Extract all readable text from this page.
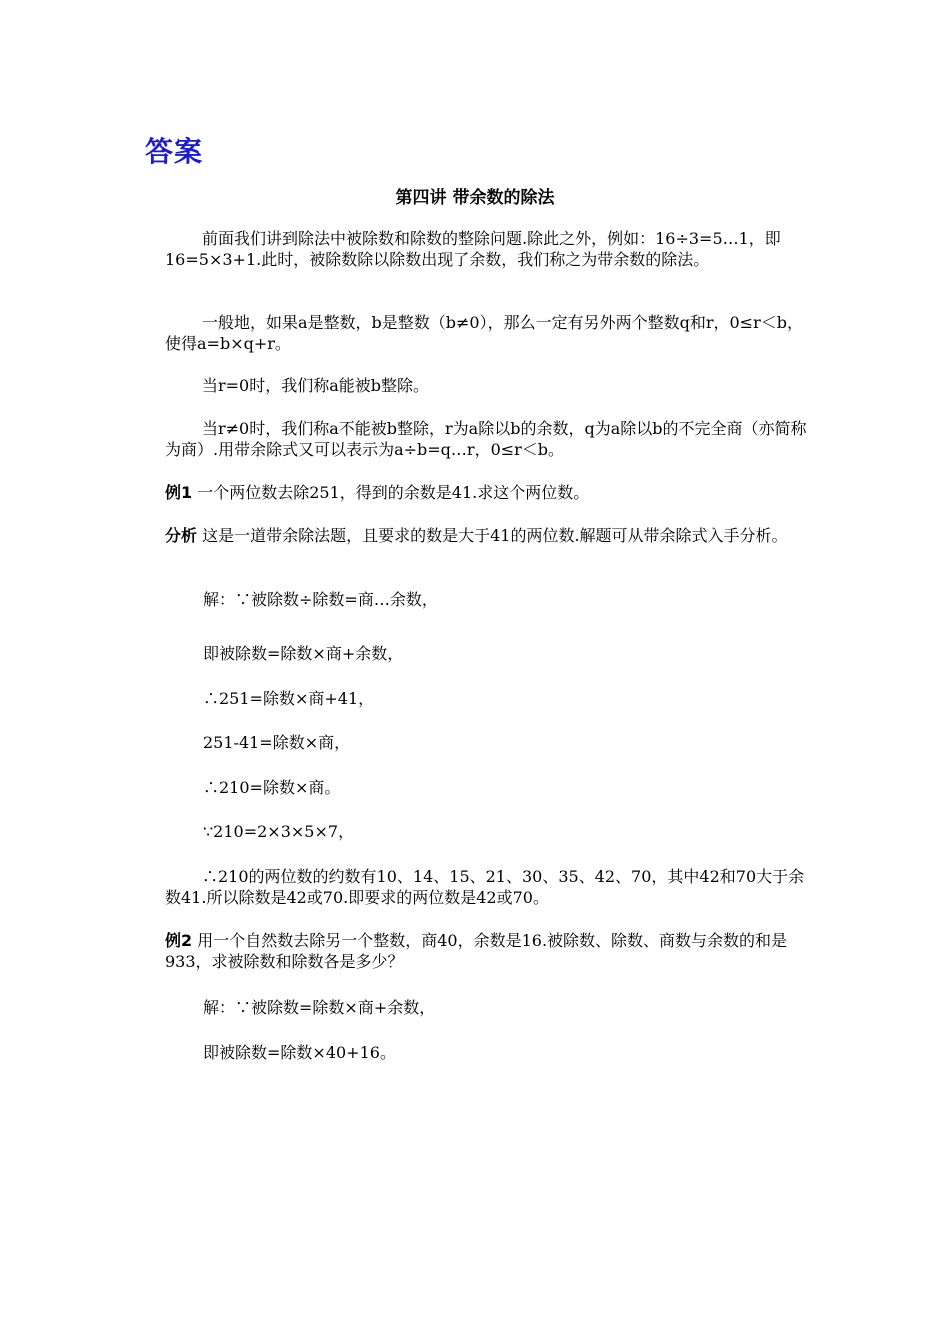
答案
第四讲 带余数的除法

前面我们讲到除法中被除数和除数的整除问题.除此之外，例如：16÷3=5…1，即16=5×3+1.此时，被除数除以除数出现了余数，我们称之为带余数的除法。

一般地，如果a是整数，b是整数（b≠0），那么一定有另外两个整数q和r，0≤r＜b，使得a=b×q+r。

当r=0时，我们称a能被b整除。

当r≠0时，我们称a不能被b整除，r为a除以b的余数，q为a除以b的不完全商（亦简称为商）.用带余除式又可以表示为a÷b=q…r，0≤r＜b。

例1 一个两位数去除251，得到的余数是41.求这个两位数。

分析 这是一道带余除法题，且要求的数是大于41的两位数.解题可从带余除式入手分析。

解：∵被除数÷除数=商…余数，

即被除数=除数×商+余数，

∴251=除数×商+41，

251-41=除数×商，

∴210=除数×商。

∵210=2×3×5×7，

∴210的两位数的约数有10、14、15、21、30、35、42、70，其中42和70大于余数41.所以除数是42或70.即要求的两位数是42或70。

例2 用一个自然数去除另一个整数，商40，余数是16.被除数、除数、商数与余数的和是933，求被除数和除数各是多少？

解：∵被除数=除数×商+余数，

即被除数=除数×40+16。
